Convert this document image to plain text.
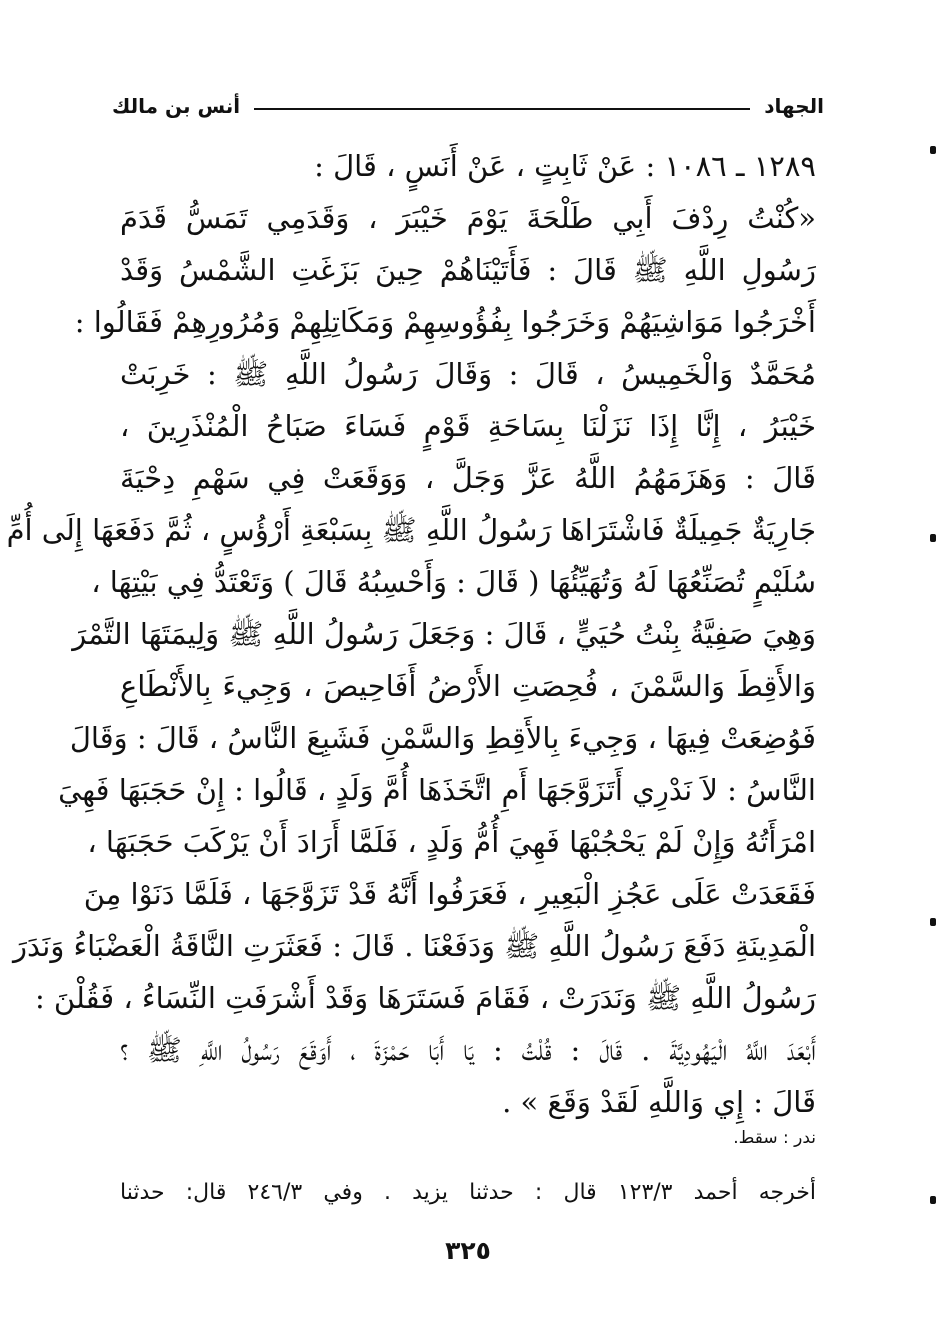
الجهاد
أنس بن مالك
١٢٨٩ ـ ١٠٨٦ : عَنْ ثَابِتٍ ، عَنْ أَنَسٍ ، قَالَ :
«كُنْتُ رِدْفَ أَبِي طَلْحَةَ يَوْمَ خَيْبَرَ ، وَقَدَمِي تَمَسُّ قَدَمَ
رَسُولِ اللَّهِ ﷺ قَالَ : فَأَتَيْنَاهُمْ حِينَ بَزَغَتِ الشَّمْسُ وَقَدْ
أَخْرَجُوا مَوَاشِيَهُمْ وَخَرَجُوا بِفُؤُوسِهِمْ وَمَكَاتِلِهِمْ وَمُرُورِهِمْ فَقَالُوا :
مُحَمَّدٌ وَالْخَمِيسُ ، قَالَ : وَقَالَ رَسُولُ اللَّهِ ﷺ : خَرِبَتْ
خَيْبَرُ ، إِنَّا إِذَا نَزَلْنَا بِسَاحَةِ قَوْمٍ فَسَاءَ صَبَاحُ الْمُنْذَرِينَ ،
قَالَ : وَهَزَمَهُمُ اللَّهُ عَزَّ وَجَلَّ ، وَوَقَعَتْ فِي سَهْمِ دِحْيَةَ
جَارِيَةٌ جَمِيلَةٌ فَاشْتَرَاهَا رَسُولُ اللَّهِ ﷺ بِسَبْعَةِ أَرْؤُسٍ ، ثُمَّ دَفَعَهَا إِلَى أُمِّ
سُلَيْمٍ تُصَنِّعُهَا لَهُ وَتُهَيِّئُهَا ( قَالَ : وَأَحْسِبُهُ قَالَ ) وَتَعْتَدُّ فِي بَيْتِهَا ،
وَهِيَ صَفِيَّةُ بِنْتُ حُيَيٍّ ، قَالَ : وَجَعَلَ رَسُولُ اللَّهِ ﷺ وَلِيمَتَهَا التَّمْرَ
وَالأَقِطَ وَالسَّمْنَ ، فُحِصَتِ الأَرْضُ أَفَاحِيصَ ، وَجِيءَ بِالأَنْطَاعِ
فَوُضِعَتْ فِيهَا ، وَجِيءَ بِالأَقِطِ وَالسَّمْنِ فَشَبِعَ النَّاسُ ، قَالَ : وَقَالَ
النَّاسُ : لاَ نَدْرِي أَتَزَوَّجَهَا أَمِ اتَّخَذَهَا أُمَّ وَلَدٍ ، قَالُوا : إِنْ حَجَبَهَا فَهِيَ
امْرَأَتُهُ وَإِنْ لَمْ يَحْجُبْهَا فَهِيَ أُمُّ وَلَدٍ ، فَلَمَّا أَرَادَ أَنْ يَرْكَبَ حَجَبَهَا ،
فَقَعَدَتْ عَلَى عَجُزِ الْبَعِيرِ ، فَعَرَفُوا أَنَّهُ قَدْ تَزَوَّجَهَا ، فَلَمَّا دَنَوْا مِنَ
الْمَدِينَةِ دَفَعَ رَسُولُ اللَّهِ ﷺ وَدَفَعْنَا . قَالَ : فَعَثَرَتِ النَّاقَةُ الْعَضْبَاءُ وَنَدَرَ
رَسُولُ اللَّهِ ﷺ وَنَدَرَتْ ، فَقَامَ فَسَتَرَهَا وَقَدْ أَشْرَفَتِ النِّسَاءُ ، فَقُلْنَ :
أَبْعَدَ اللَّهُ الْيَهُودِيَّةَ . قَالَ : قُلْتُ : يَا أَبَا حَمْزَةَ ، أَوَقَعَ رَسُولُ اللَّهِ ﷺ ؟
قَالَ : إِي وَاللَّهِ لَقَدْ وَقَعَ » .
ندر : سقط.
أخرجه أحمد ١٢٣/٣ قال : حدثنا يزيد . وفي ٢٤٦/٣ قال: حدثنا
٣٢٥
